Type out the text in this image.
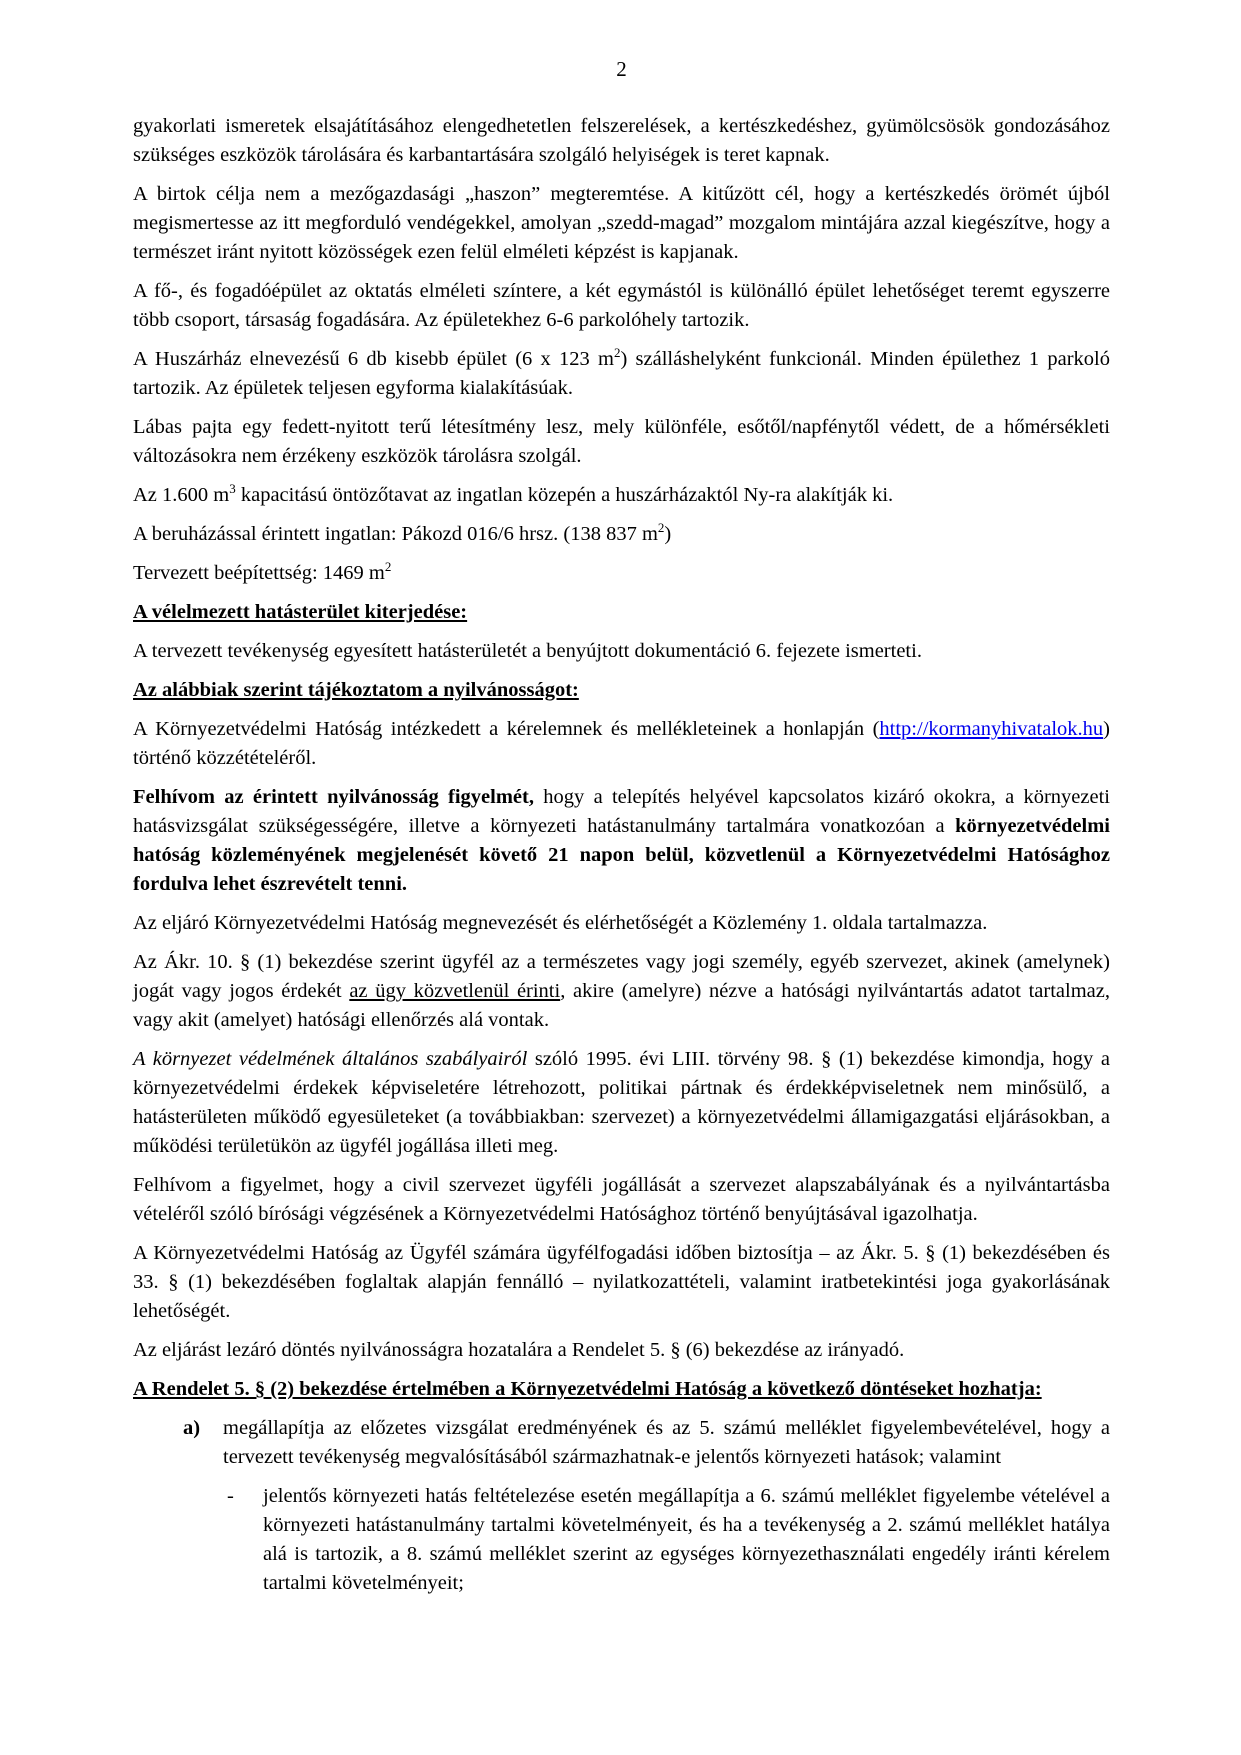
2
gyakorlati ismeretek elsajátításához elengedhetetlen felszerelések, a kertészkedéshez, gyümölcsösök gondozásához szükséges eszközök tárolására és karbantartására szolgáló helyiségek is teret kapnak.
A birtok célja nem a mezőgazdasági „haszon” megteremtése. A kitűzött cél, hogy a kertészkedés örömét újból megismertesse az itt megforduló vendégekkel, amolyan „szedd-magad” mozgalom mintájára azzal kiegészítve, hogy a természet iránt nyitott közösségek ezen felül elméleti képzést is kapjanak.
A fő-, és fogadóépület az oktatás elméleti színtere, a két egymástól is különálló épület lehetőséget teremt egyszerre több csoport, társaság fogadására. Az épületekhez 6-6 parkolóhely tartozik.
A Huszárház elnevezésű 6 db kisebb épület (6 x 123 $m^2$) szálláshelyként funkcionál. Minden épülethez 1 parkoló tartozik. Az épületek teljesen egyforma kialakításúak.
Lábas pajta egy fedett-nyitott terű létesítmény lesz, mely különféle, esőtől/napfénytől védett, de a hőmérsékleti változásokra nem érzékeny eszközök tárolásra szolgál.
Az 1.600 $m^3$ kapacitású öntözőtavat az ingatlan közepén a huszárházaktól Ny-ra alakítják ki.
A beruházással érintett ingatlan: Pákozd 016/6 hrsz. (138 837 $m^2$)
Tervezett beépítettség: 1469 $m^2$
A vélelmezett hatásterület kiterjedése:
A tervezett tevékenység egyesített hatásterületét a benyújtott dokumentáció 6. fejezete ismerteti.
Az alábbiak szerint tájékoztatom a nyilvánosságot:
A Környezetvédelmi Hatóság intézkedett a kérelemnek és mellékleteinek a honlapján (http://kormanyhivatalok.hu) történő közzétételéről.
Felhívom az érintett nyilvánosság figyelmét, hogy a telepítés helyével kapcsolatos kizáró okokra, a környezeti hatásvizsgálat szükségességére, illetve a környezeti hatástanulmány tartalmára vonatkozóan a környezetvédelmi hatóság közleményének megjelenését követő 21 napon belül, közvetlenül a Környezetvédelmi Hatósághoz fordulva lehet észrevételt tenni.
Az eljáró Környezetvédelmi Hatóság megnevezését és elérhetőségét a Közlemény 1. oldala tartalmazza.
Az Ákr. 10. § (1) bekezdése szerint ügyfél az a természetes vagy jogi személy, egyéb szervezet, akinek (amelynek) jogát vagy jogos érdekét az ügy közvetlenül érinti, akire (amelyre) nézve a hatósági nyilvántartás adatot tartalmaz, vagy akit (amelyet) hatósági ellenőrzés alá vontak.
A környezet védelmének általános szabályairól szóló 1995. évi LIII. törvény 98. § (1) bekezdése kimondja, hogy a környezetvédelmi érdekek képviseletére létrehozott, politikai pártnak és érdekképviseletnek nem minősülő, a hatásterületen működő egyesületeket (a továbbiakban: szervezet) a környezetvédelmi államigazgatási eljárásokban, a működési területükön az ügyfél jogállása illeti meg.
Felhívom a figyelmet, hogy a civil szervezet ügyféli jogállását a szervezet alapszabályának és a nyilvántartásba vételéről szóló bírósági végzésének a Környezetvédelmi Hatósághoz történő benyújtásával igazolhatja.
A Környezetvédelmi Hatóság az Ügyfél számára ügyfélfogadási időben biztosítja – az Ákr. 5. § (1) bekezdésében és 33. § (1) bekezdésében foglaltak alapján fennálló – nyilatkozattételi, valamint iratbetekintési joga gyakorlásának lehetőségét.
Az eljárást lezáró döntés nyilvánosságra hozatalára a Rendelet 5. § (6) bekezdése az irányadó.
A Rendelet 5. § (2) bekezdése értelmében a Környezetvédelmi Hatóság a következő döntéseket hozhatja:
a)	megállapítja az előzetes vizsgálat eredményének és az 5. számú melléklet figyelembevételével, hogy a tervezett tevékenység megvalósításából származhatnak-e jelentős környezeti hatások; valamint
-	jelentős környezeti hatás feltételezése esetén megállapítja a 6. számú melléklet figyelembe vételével a környezeti hatástanulmány tartalmi követelményeit, és ha a tevékenység a 2. számú melléklet hatálya alá is tartozik, a 8. számú melléklet szerint az egységes környezethasználati engedély iránti kérelem tartalmi követelményeit;
